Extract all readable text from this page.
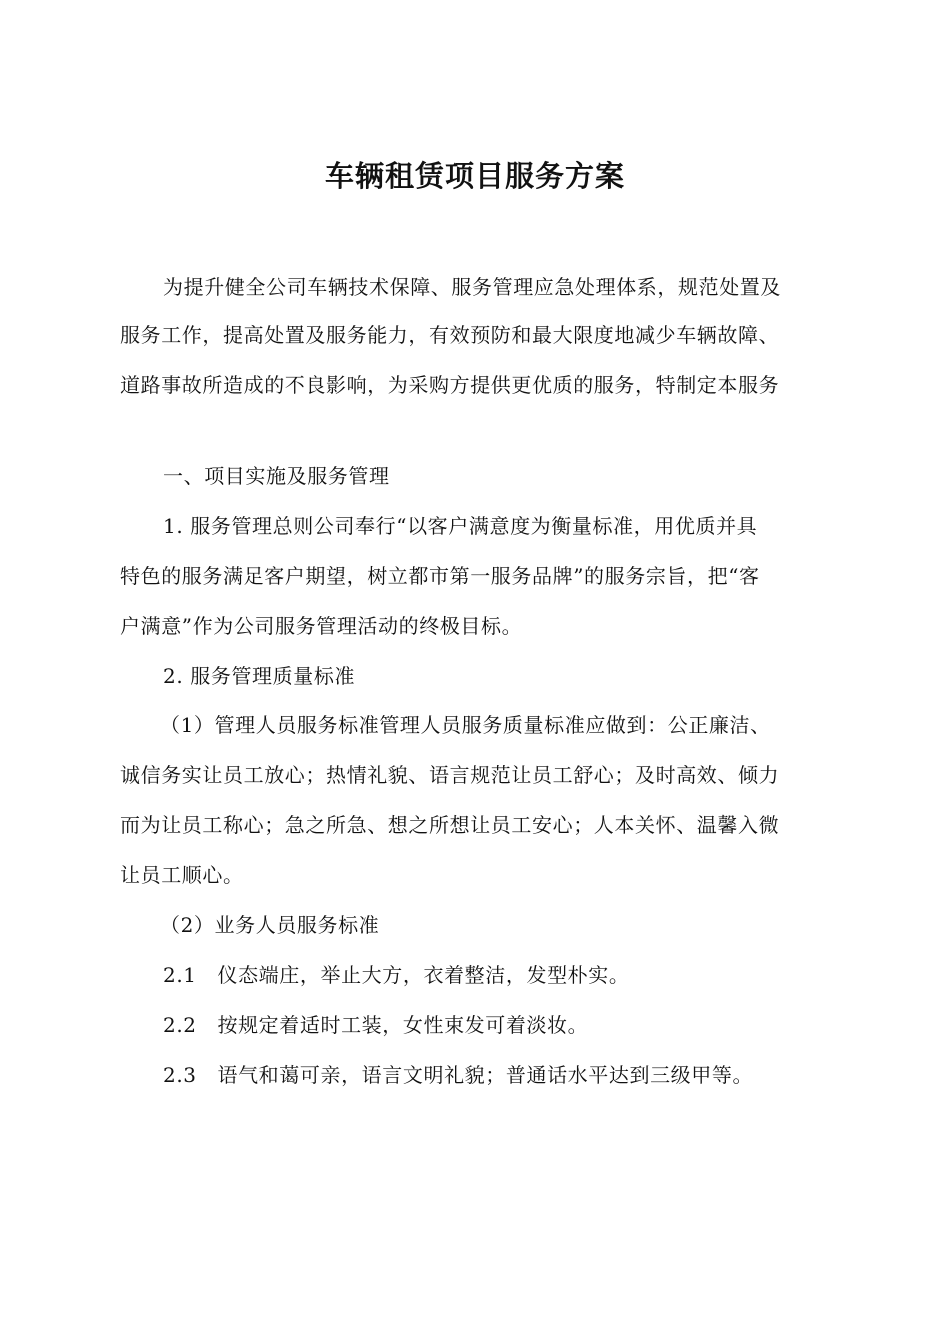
车辆租赁项目服务方案
为提升健全公司车辆技术保障、服务管理应急处理体系，规范处置及
服务工作，提高处置及服务能力，有效预防和最大限度地减少车辆故障、
道路事故所造成的不良影响，为采购方提供更优质的服务，特制定本服务
一、项目实施及服务管理
1. 服务管理总则公司奉行“以客户满意度为衡量标准，用优质并具
特色的服务满足客户期望，树立都市第一服务品牌”的服务宗旨，把“客
户满意”作为公司服务管理活动的终极目标。
2. 服务管理质量标准
（1）管理人员服务标准管理人员服务质量标准应做到：公正廉洁、
诚信务实让员工放心；热情礼貌、语言规范让员工舒心；及时高效、倾力
而为让员工称心；急之所急、想之所想让员工安心；人本关怀、温馨入微
让员工顺心。
（2）业务人员服务标准
2.1   仪态端庄，举止大方，衣着整洁，发型朴实。
2.2   按规定着适时工装，女性束发可着淡妆。
2.3   语气和蔼可亲，语言文明礼貌；普通话水平达到三级甲等。
